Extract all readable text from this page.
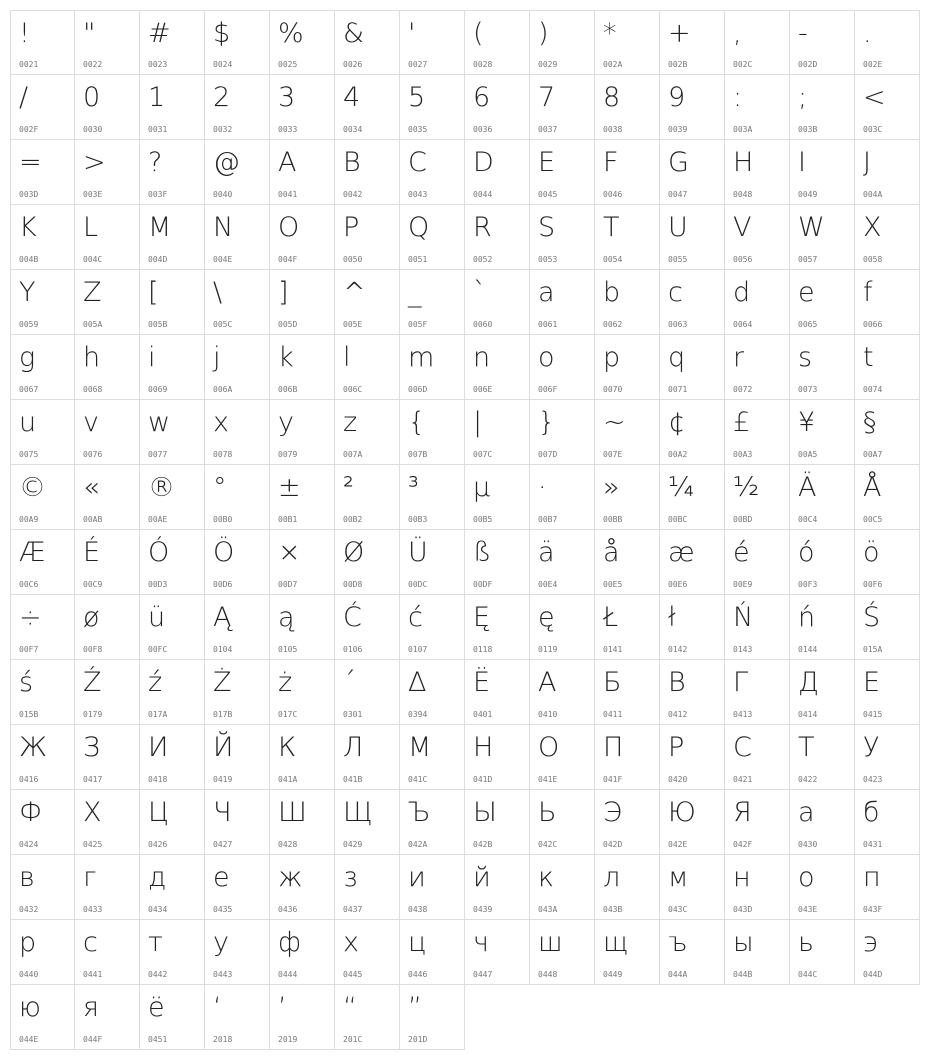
!
0021
"
0022
#
0023
$
0024
%
0025
&
0026
'
0027
(
0028
)
0029
*
002A
+
002B
,
002C
-
002D
.
002E
/
002F
0
0030
1
0031
2
0032
3
0033
4
0034
5
0035
6
0036
7
0037
8
0038
9
0039
:
003A
;
003B
<
003C
=
003D
>
003E
?
003F
@
0040
A
0041
B
0042
C
0043
D
0044
E
0045
F
0046
G
0047
H
0048
I
0049
J
004A
K
004B
L
004C
M
004D
N
004E
O
004F
P
0050
Q
0051
R
0052
S
0053
T
0054
U
0055
V
0056
W
0057
X
0058
Y
0059
Z
005A
[
005B
\
005C
]
005D
^
005E
_
005F
`
0060
a
0061
b
0062
c
0063
d
0064
e
0065
f
0066
g
0067
h
0068
i
0069
j
006A
k
006B
l
006C
m
006D
n
006E
o
006F
p
0070
q
0071
r
0072
s
0073
t
0074
u
0075
v
0076
w
0077
x
0078
y
0079
z
007A
{
007B
|
007C
}
007D
~
007E
¢
00A2
£
00A3
¥
00A5
§
00A7
©
00A9
«
00AB
®
00AE
°
00B0
±
00B1
²
00B2
³
00B3
µ
00B5
·
00B7
»
00BB
¼
00BC
½
00BD
Ä
00C4
Å
00C5
Æ
00C6
É
00C9
Ó
00D3
Ö
00D6
×
00D7
Ø
00D8
Ü
00DC
ß
00DF
ä
00E4
å
00E5
æ
00E6
é
00E9
ó
00F3
ö
00F6
÷
00F7
ø
00F8
ü
00FC
Ą
0104
ą
0105
Ć
0106
ć
0107
Ę
0118
ę
0119
Ł
0141
ł
0142
Ń
0143
ń
0144
Ś
015A
ś
015B
Ź
0179
ź
017A
Ż
017B
ż
017C
´
0301
Δ
0394
Ё
0401
А
0410
Б
0411
В
0412
Г
0413
Д
0414
Е
0415
Ж
0416
З
0417
И
0418
Й
0419
К
041A
Л
041B
М
041C
Н
041D
О
041E
П
041F
Р
0420
С
0421
Т
0422
У
0423
Ф
0424
Х
0425
Ц
0426
Ч
0427
Ш
0428
Щ
0429
Ъ
042A
Ы
042B
Ь
042C
Э
042D
Ю
042E
Я
042F
а
0430
б
0431
в
0432
г
0433
д
0434
е
0435
ж
0436
з
0437
и
0438
й
0439
к
043A
л
043B
м
043C
н
043D
о
043E
п
043F
р
0440
с
0441
т
0442
у
0443
ф
0444
х
0445
ц
0446
ч
0447
ш
0448
щ
0449
ъ
044A
ы
044B
ь
044C
э
044D
ю
044E
я
044F
ё
0451
‘
2018
’
2019
“
201C
”
201D
